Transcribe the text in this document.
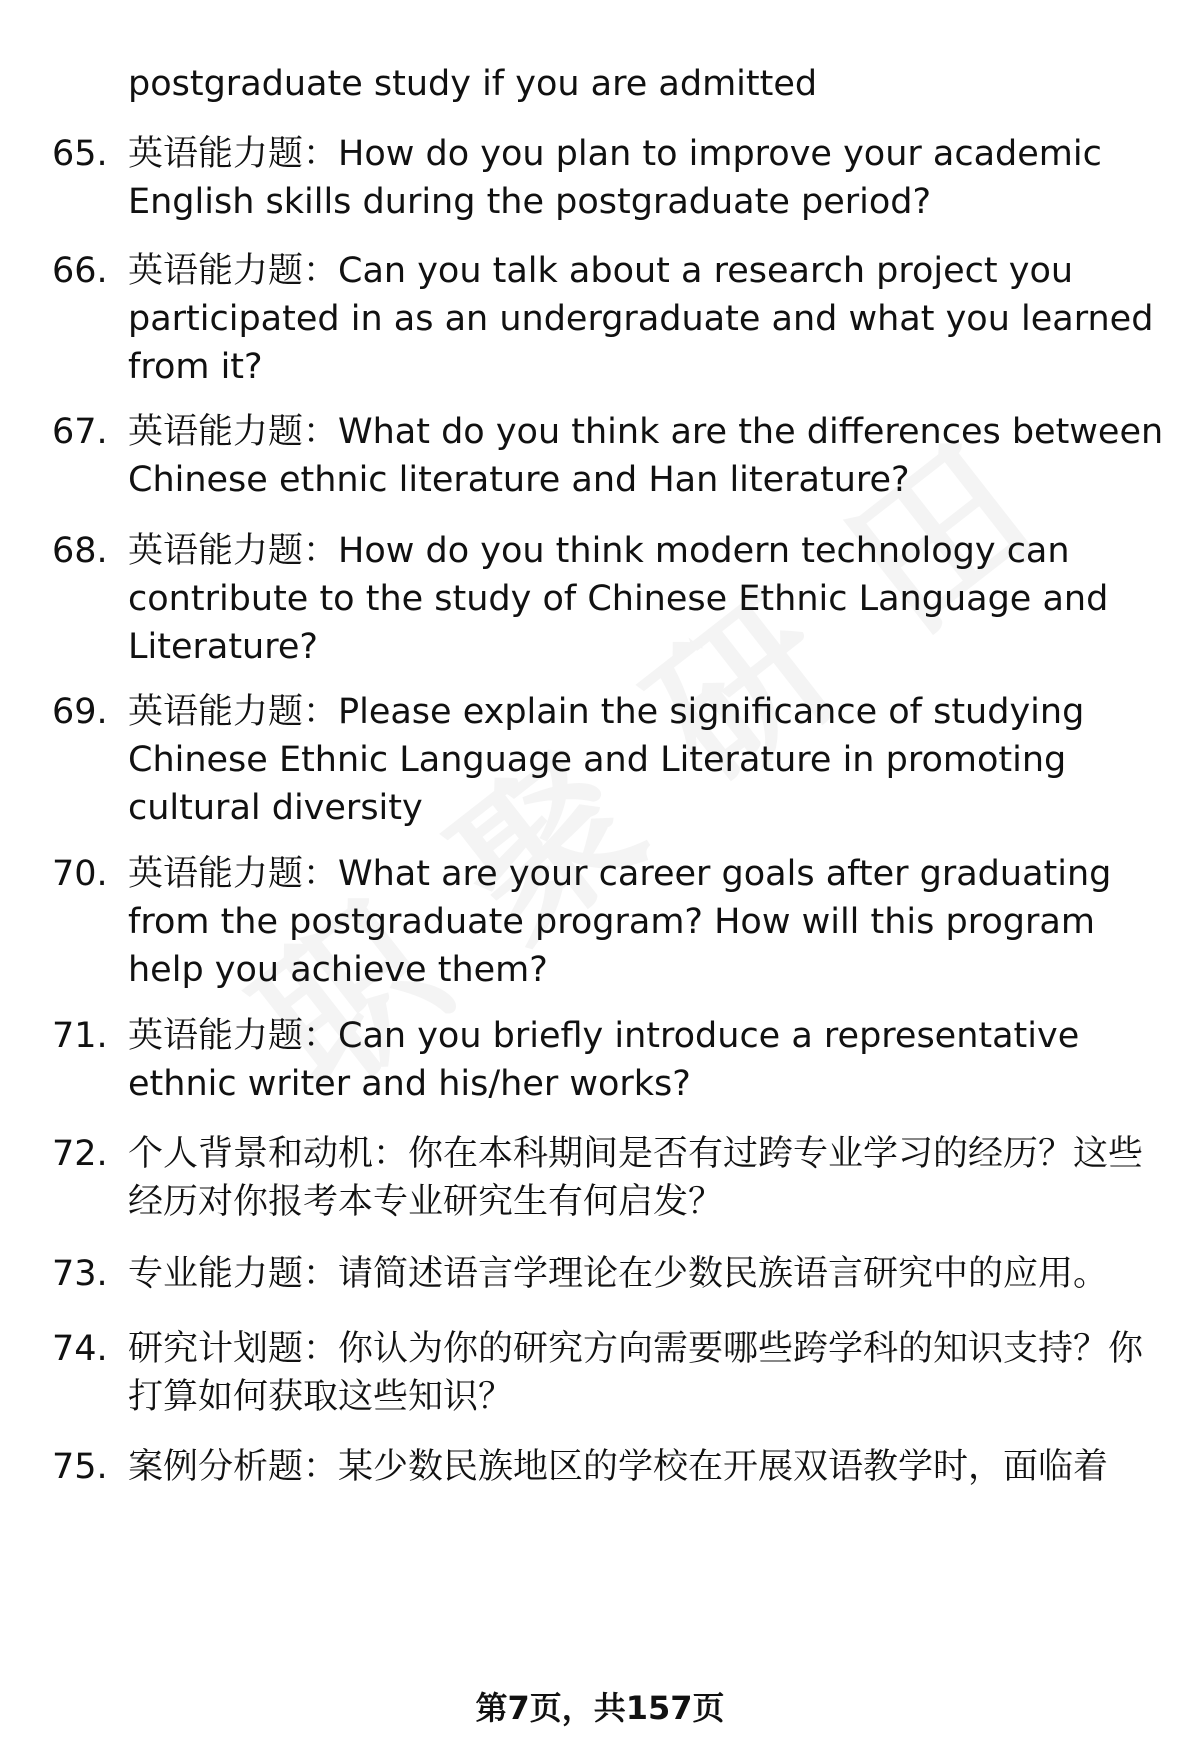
postgraduate study if you are admitted
65. 英语能力题：How do you plan to improve your academic English skills during the postgraduate period?
66. 英语能力题：Can you talk about a research project you participated in as an undergraduate and what you learned from it?
67. 英语能力题：What do you think are the differences between Chinese ethnic literature and Han literature?
68. 英语能力题：How do you think modern technology can contribute to the study of Chinese Ethnic Language and Literature?
69. 英语能力题：Please explain the significance of studying Chinese Ethnic Language and Literature in promoting cultural diversity
70. 英语能力题：What are your career goals after graduating from the postgraduate program? How will this program help you achieve them?
71. 英语能力题：Can you briefly introduce a representative ethnic writer and his/her works?
72. 个人背景和动机：你在本科期间是否有过跨专业学习的经历？这些经历对你报考本专业研究生有何启发？
73. 专业能力题：请简述语言学理论在少数民族语言研究中的应用。
74. 研究计划题：你认为你的研究方向需要哪些跨学科的知识支持？你打算如何获取这些知识？
75. 案例分析题：某少数民族地区的学校在开展双语教学时，面临着
第7页，共157页
